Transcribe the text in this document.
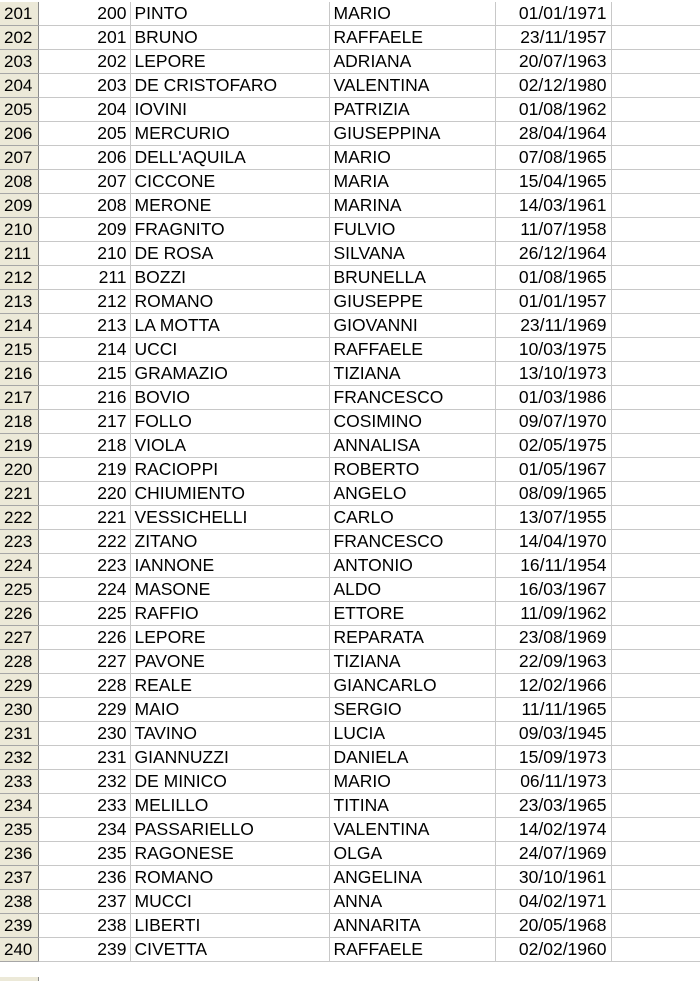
201	200	PINTO	MARIO	01/01/1971	
202	201	BRUNO	RAFFAELE	23/11/1957	
203	202	LEPORE	ADRIANA	20/07/1963	
204	203	DE CRISTOFARO	VALENTINA	02/12/1980	
205	204	IOVINI	PATRIZIA	01/08/1962	
206	205	MERCURIO	GIUSEPPINA	28/04/1964	
207	206	DELL'AQUILA	MARIO	07/08/1965	
208	207	CICCONE	MARIA	15/04/1965	
209	208	MERONE	MARINA	14/03/1961	
210	209	FRAGNITO	FULVIO	11/07/1958	
211	210	DE ROSA	SILVANA	26/12/1964	
212	211	BOZZI	BRUNELLA	01/08/1965	
213	212	ROMANO	GIUSEPPE	01/01/1957	
214	213	LA MOTTA	GIOVANNI	23/11/1969	
215	214	UCCI	RAFFAELE	10/03/1975	
216	215	GRAMAZIO	TIZIANA	13/10/1973	
217	216	BOVIO	FRANCESCO	01/03/1986	
218	217	FOLLO	COSIMINO	09/07/1970	
219	218	VIOLA	ANNALISA	02/05/1975	
220	219	RACIOPPI	ROBERTO	01/05/1967	
221	220	CHIUMIENTO	ANGELO	08/09/1965	
222	221	VESSICHELLI	CARLO	13/07/1955	
223	222	ZITANO	FRANCESCO	14/04/1970	
224	223	IANNONE	ANTONIO	16/11/1954	
225	224	MASONE	ALDO	16/03/1967	
226	225	RAFFIO	ETTORE	11/09/1962	
227	226	LEPORE	REPARATA	23/08/1969	
228	227	PAVONE	TIZIANA	22/09/1963	
229	228	REALE	GIANCARLO	12/02/1966	
230	229	MAIO	SERGIO	11/11/1965	
231	230	TAVINO	LUCIA	09/03/1945	
232	231	GIANNUZZI	DANIELA	15/09/1973	
233	232	DE MINICO	MARIO	06/11/1973	
234	233	MELILLO	TITINA	23/03/1965	
235	234	PASSARIELLO	VALENTINA	14/02/1974	
236	235	RAGONESE	OLGA	24/07/1969	
237	236	ROMANO	ANGELINA	30/10/1961	
238	237	MUCCI	ANNA	04/02/1971	
239	238	LIBERTI	ANNARITA	20/05/1968	
240	239	CIVETTA	RAFFAELE	02/02/1960	
